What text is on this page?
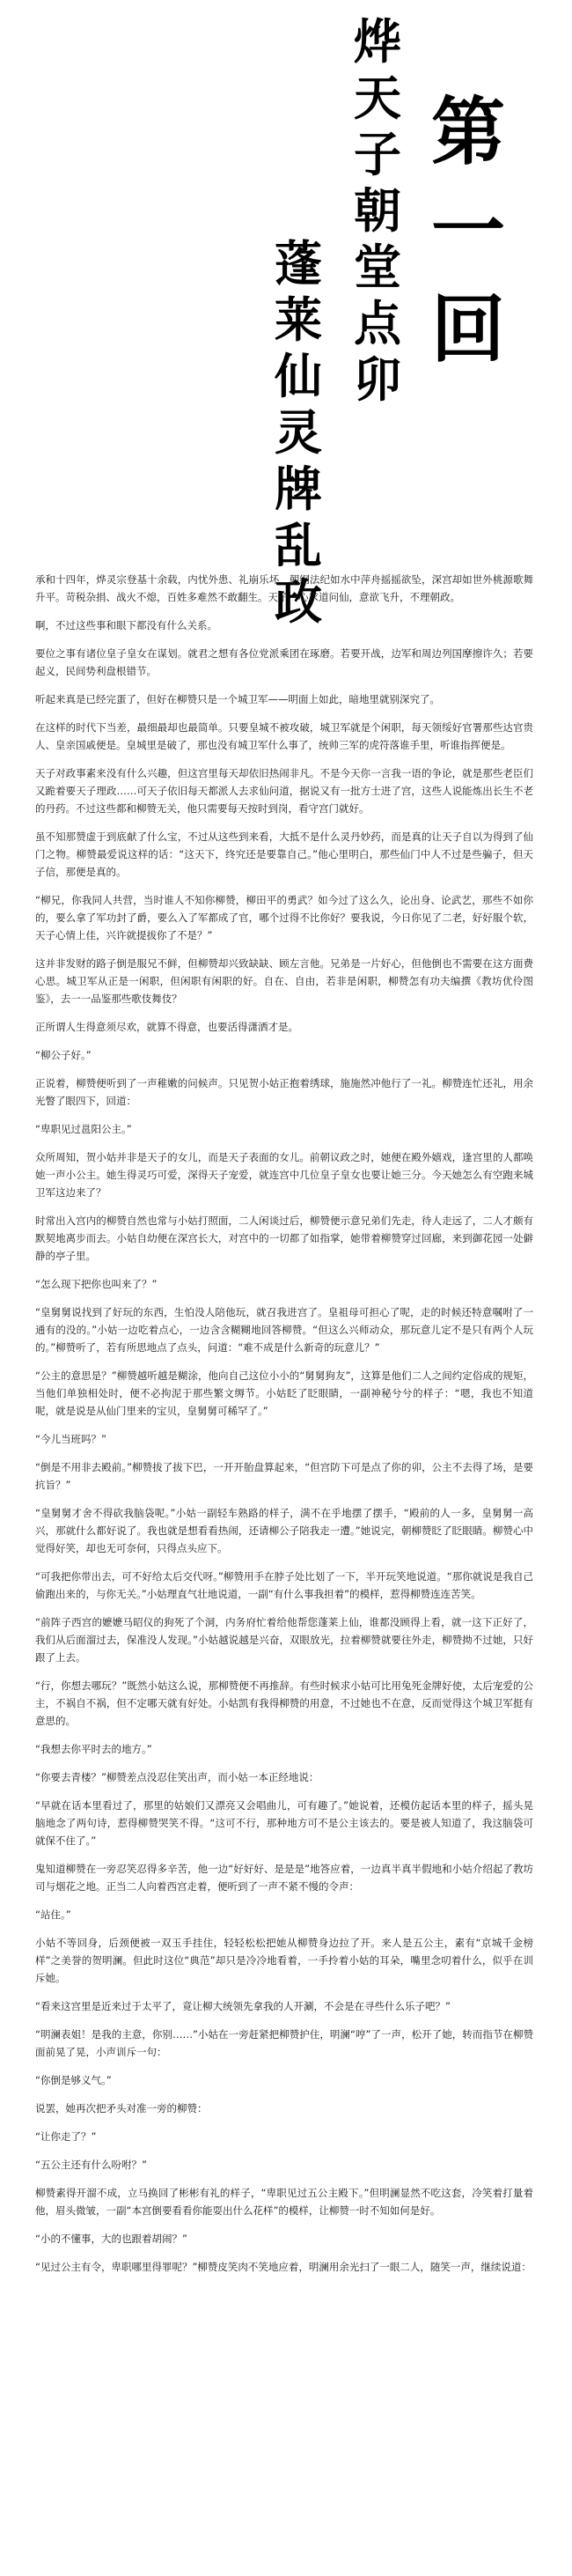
第
一
回
烨
天
子
朝
堂
点
卯
蓬
莱
仙
灵
牌
乱
政

承和十四年，烨灵宗登基十余载，内忧外患、礼崩乐坏，朝纲法纪如水中萍舟摇摇欲坠，深宫却如世外桃源歌舞升平。苛税杂捐、战火不熄，百姓多难然不敢翻生。天子一心求道问仙，意欲飞升，不理朝政。

啊，不过这些事和眼下都没有什么关系。

要位之事有诸位皇子皇女在谋划。就君之想有各位党派乘团在琢磨。若要开战，边军和周边列国摩擦许久；若要起义，民间势利盘根错节。

听起来真是已经完蛋了，但好在柳赞只是一个城卫军——明面上如此，暗地里就别深究了。

在这样的时代下当差，最细最却也最简单。只要皇城不被攻破，城卫军就是个闲职，每天领绥好官署那些达官贵人、皇亲国戚便是。皇城里是破了，那也没有城卫军什么事了，统帅三军的虎符落谁手里，听谁指挥便是。

天子对政事素来没有什么兴趣，但这宫里每天却依旧热闹非凡。不是今天你一言我一语的争论，就是那些老臣们又跪着要天子理政……可天子依旧每天都派人去求仙问道，据说又有一批方士进了宫，这些人说能炼出长生不老的丹药。不过这些都和柳赞无关，他只需要每天按时到岗，看守宫门就好。

虽不知那赞虚于到底献了什么宝，不过从这些到来看，大抵不是什么灵丹妙药，而是真的让天子自以为得到了仙门之物。柳赞最爱说这样的话：“这天下，终究还是要靠自己。”他心里明白，那些仙门中人不过是些骗子，但天子信，那便是真的。

“柳兄，你我同人共营，当时谁人不知你柳赞，柳田平的勇武？如今过了这么久，论出身、论武艺，那些不如你的，要么拿了军功封了爵，要么入了军都成了官，哪个过得不比你好？要我说，今日你见了二老，好好服个软，天子心情上佳，兴许就提拔你了不是？”

这并非发财的路子倒是服兄不鲜，但柳赞却兴致缺缺、顾左言他。兄弟是一片好心，但他倒也不需要在这方面费心思。城卫军从正是一闲职，但闲职有闲职的好。自在、自由，若非是闲职，柳赞怎有功夫编撰《教坊优伶图鉴》，去一一品鉴那些歌伎舞伎？

正所谓人生得意须尽欢，就算不得意，也要活得潇洒才是。

“柳公子好。”

正说着，柳赞便听到了一声稚嫩的问候声。只见贺小姑正抱着绣球，施施然冲他行了一礼。柳赞连忙还礼，用余光瞥了眼四下，回道：

“卑职见过邕阳公主。”

众所周知，贺小姑并非是天子的女儿，而是天子表面的女儿。前朝议政之时，她便在殿外嬉戏，逢宫里的人都唤她一声小公主。她生得灵巧可爱，深得天子宠爱，就连宫中几位皇子皇女也要让她三分。今天她怎么有空跑来城卫军这边来了？

时常出入宫内的柳赞自然也常与小姑打照面，二人闲谈过后，柳赞便示意兄弟们先走，待人走远了，二人才颇有默契地离步而去。小姑自幼便在深宫长大，对宫中的一切都了如指掌，她带着柳赞穿过回廊，来到御花园一处僻静的亭子里。

“怎么现下把你也叫来了？”

“皇舅舅说找到了好玩的东西，生怕没人陪他玩，就召我进宫了。皇祖母可担心了呢，走的时候还特意嘱咐了一通有的没的。”小姑一边吃着点心，一边含含糊糊地回答柳赞。“但这么兴师动众，那玩意儿定不是只有两个人玩的。”柳赞听了，若有所思地点了点头，问道：“难不成是什么新奇的玩意儿？”

“公主的意思是？”柳赞越听越是糊涂，他向自己这位小小的“舅舅狗友”，这算是他们二人之间约定俗成的规矩，当他们单独相处时，便不必拘泥于那些繁文缛节。小姑眨了眨眼睛，一副神秘兮兮的样子：“嗯，我也不知道呢，就是说是从仙门里来的宝贝，皇舅舅可稀罕了。”

“今儿当班吗？”

“倒是不用非去殿前。”柳赞拔了拔下巴，一开开胎盘算起来，“但宫防下可是点了你的卯，公主不去得了场，是要抗旨？”

“皇舅舅才舍不得砍我脑袋呢。”小姑一副轻车熟路的样子，满不在乎地摆了摆手，“殿前的人一多，皇舅舅一高兴，那就什么都好说了。我也就是想看看热闹，还请柳公子陪我走一遭。”她说完，朝柳赞眨了眨眼睛。柳赞心中觉得好笑，却也无可奈何，只得点头应下。

“可我把你带出去，可不好给太后交代呀。”柳赞用手在脖子处比划了一下，半开玩笑地说道。“那你就说是我自己偷跑出来的，与你无关。”小姑理直气壮地说道，一副“有什么事我担着”的模样，惹得柳赞连连苦笑。

“前阵子西宫的嬷嬷马昭仪的狗死了个洞，内务府忙着给他帮您蓬莱上仙，谁都没顾得上看，就一这下正好了，我们从后面溜过去，保准没人发现。”小姑越说越是兴奋，双眼放光，拉着柳赞就要往外走，柳赞拗不过她，只好跟了上去。

“行，你想去哪玩？”既然小姑这么说，那柳赞便不再推辞。有些时候求小姑可比用兔死金牌好使，太后宠爱的公主，不祸自不祸，但不定哪天就有好处。小姑凯有我得柳赞的用意，不过她也不在意，反而觉得这个城卫军挺有意思的。

“我想去你平时去的地方。”

“你要去青楼？”柳赞差点没忍住笑出声，而小姑一本正经地说：

“早就在话本里看过了，那里的姑娘们又漂亮又会唱曲儿，可有趣了。”她说着，还模仿起话本里的样子，摇头晃脑地念了两句诗，惹得柳赞哭笑不得。“这可不行，那种地方可不是公主该去的。要是被人知道了，我这脑袋可就保不住了。”

鬼知道柳赞在一旁忍笑忍得多辛苦，他一边“好好好、是是是”地答应着，一边真半真半假地和小姑介绍起了教坊司与烟花之地。正当二人向着西宫走着，便听到了一声不紧不慢的令声：

“站住。”

小姑不等回身，后颈便被一双玉手挂住，轻轻松松把她从柳赞身边拉了开。来人是五公主，素有“京城千金榜样”之美誉的贺明澜。但此时这位“典范”却只是冷冷地看着，一手拎着小姑的耳朵，嘴里念叨着什么，似乎在训斥她。

“看来这宫里是近来过于太平了，竟让柳大统领先拿我的人开涮，不会是在寻些什么乐子吧？”

“明澜表姐！是我的主意，你别……”小姑在一旁赶紧把柳赞护住，明澜“哼”了一声，松开了她，转而指节在柳赞面前晃了晃，小声训斥一句：

“你倒是够义气。”

说罢，她再次把矛头对准一旁的柳赞：

“让你走了？”

“五公主还有什么吩咐？”

柳赞素得开溜不成，立马换回了彬彬有礼的样子，“卑职见过五公主殿下。”但明澜显然不吃这套，冷笑着打量着他，眉头微皱，一副“本宫倒要看看你能耍出什么花样”的模样，让柳赞一时不知如何是好。

“小的不懂事，大的也跟着胡闹？”

“见过公主有令，卑职哪里得罪呢？”柳赞皮笑肉不笑地应着，明澜用余光扫了一眼二人，随笑一声，继续说道：
